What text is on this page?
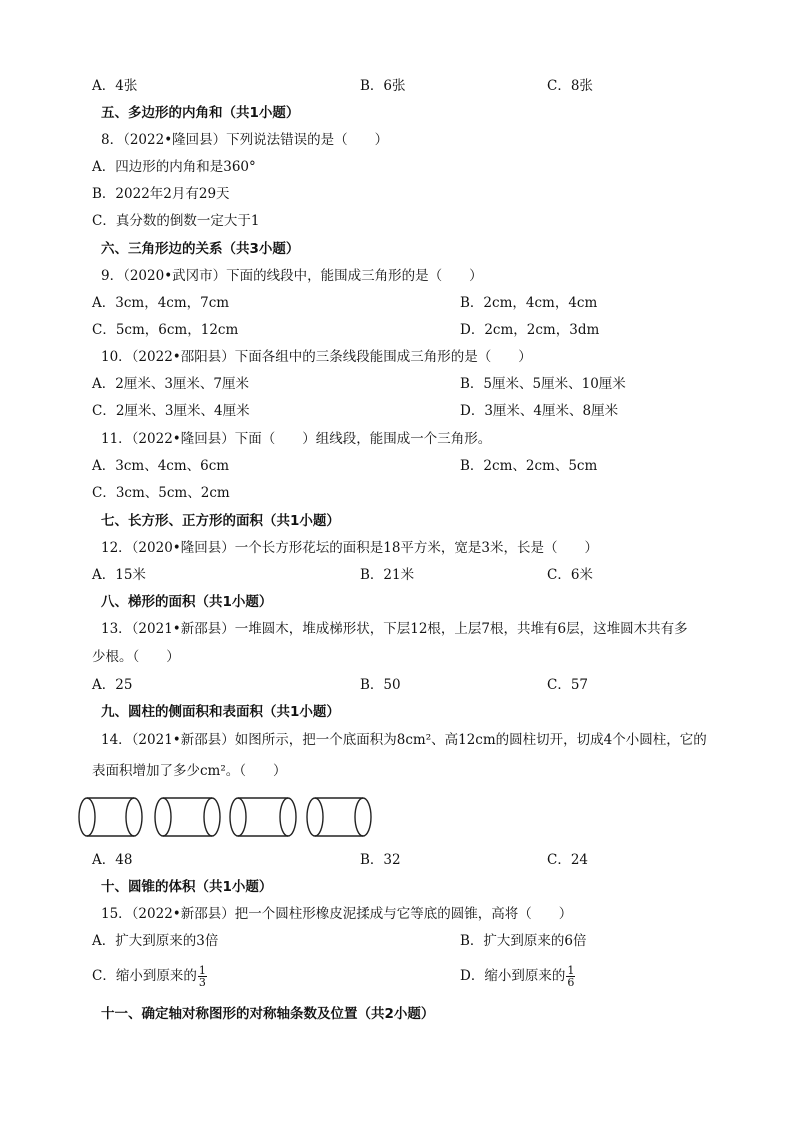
A．4张	B．6张	C．8张
五、多边形的内角和（共1小题）
8．（2022•隆回县）下列说法错误的是（　　）
A．四边形的内角和是360°
B．2022年2月有29天
C．真分数的倒数一定大于1
六、三角形边的关系（共3小题）
9．（2020•武冈市）下面的线段中，能围成三角形的是（　　）
A．3cm，4cm，7cm	B．2cm，4cm，4cm
C．5cm，6cm，12cm	D．2cm，2cm，3dm
10．（2022•邵阳县）下面各组中的三条线段能围成三角形的是（　　）
A．2厘米、3厘米、7厘米	B．5厘米、5厘米、10厘米
C．2厘米、3厘米、4厘米	D．3厘米、4厘米、8厘米
11．（2022•隆回县）下面（　　）组线段，能围成一个三角形。
A．3cm、4cm、6cm	B．2cm、2cm、5cm
C．3cm、5cm、2cm
七、长方形、正方形的面积（共1小题）
12．（2020•隆回县）一个长方形花坛的面积是18平方米，宽是3米，长是（　　）
A．15米	B．21米	C．6米
八、梯形的面积（共1小题）
13．（2021•新邵县）一堆圆木，堆成梯形状，下层12根，上层7根，共堆有6层，这堆圆木共有多
少根。（　　）
A．25	B．50	C．57
九、圆柱的侧面积和表面积（共1小题）
14．（2021•新邵县）如图所示，把一个底面积为8cm²、高12cm的圆柱切开，切成4个小圆柱，它的
表面积增加了多少cm²。（　　）
A．48	B．32	C．24
十、圆锥的体积（共1小题）
15．（2022•新邵县）把一个圆柱形橡皮泥揉成与它等底的圆锥，高将（　　）
A．扩大到原来的3倍	B．扩大到原来的6倍
C．缩小到原来的 $\frac{1}{3}$	D．缩小到原来的 $\frac{1}{6}$
十一、确定轴对称图形的对称轴条数及位置（共2小题）
